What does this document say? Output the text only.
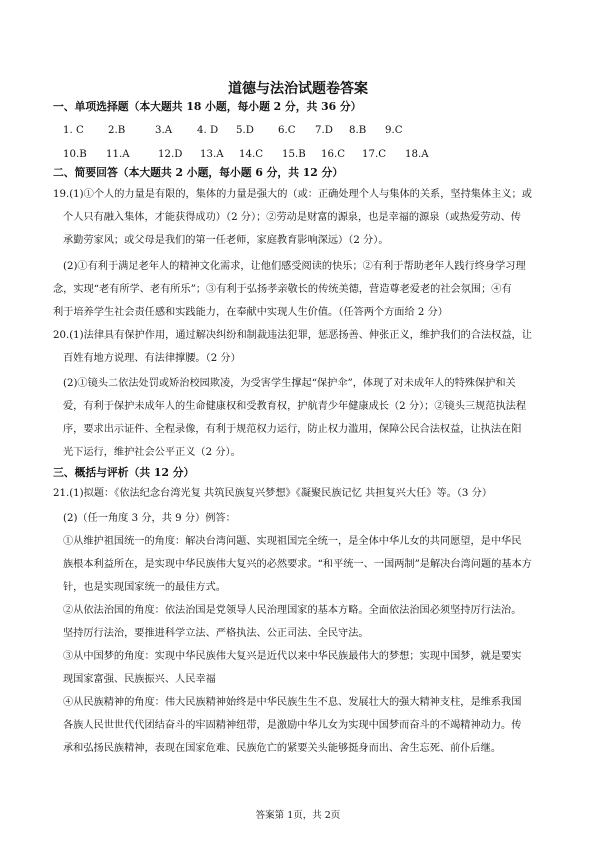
道德与法治试题卷答案
一、单项选择题（本大题共 18 小题，每小题 2 分，共 36 分）
1. C 2.B	3.A 4. D 5.D 6.C 7.D 8.B 9.C
10.B 11.A	12.D 13.A 14.C 15.B 16.C 17.C 18.A
二、简要回答（本大题共 2 小题，每小题 6 分，共 12 分）
19.(1)①个人的力量是有限的，集体的力量是强大的（或：正确处理个人与集体的关系，坚持集体主义；或
个人只有融入集体，才能获得成功）（2 分）；②劳动是财富的源泉，也是幸福的源泉（或热爱劳动、传
承勤劳家风；或父母是我们的第一任老师，家庭教育影响深远）（2 分）。
(2)①有利于满足老年人的精神文化需求，让他们感受阅读的快乐；②有利于帮助老年人践行终身学习理
念，实现“老有所学、老有所乐”；③有利于弘扬孝亲敬长的传统美德，营造尊老爱老的社会氛围；④有
利于培养学生社会责任感和实践能力，在奉献中实现人生价值。（任答两个方面给 2 分）
20.(1)法律具有保护作用，通过解决纠纷和制裁违法犯罪，惩恶扬善、伸张正义，维护我们的合法权益，让
百姓有地方说理、有法律撑腰。（2 分）
(2)①镜头二依法处罚或矫治校园欺凌，为受害学生撑起“保护伞”，体现了对未成年人的特殊保护和关
爱，有利于保护未成年人的生命健康权和受教育权，护航青少年健康成长（2 分）；②镜头三规范执法程
序，要求出示证件、全程录像，有利于规范权力运行，防止权力滥用，保障公民合法权益，让执法在阳
光下运行，维护社会公平正义（2 分）。
三、概括与评析（共 12 分）
21.(1)拟题：《依法纪念台湾光复 共筑民族复兴梦想》《凝聚民族记忆 共担复兴大任》等。（3 分）
(2)（任一角度 3 分，共 9 分）例答：
①从维护祖国统一的角度：解决台湾问题、实现祖国完全统一，是全体中华儿女的共同愿望，是中华民
族根本利益所在，是实现中华民族伟大复兴的必然要求。“和平统一、一国两制”是解决台湾问题的基本方
针，也是实现国家统一的最佳方式。
②从依法治国的角度：依法治国是党领导人民治理国家的基本方略。全面依法治国必须坚持厉行法治。
坚持厉行法治，要推进科学立法、严格执法、公正司法、全民守法。
③从中国梦的角度：实现中华民族伟大复兴是近代以来中华民族最伟大的梦想；实现中国梦，就是要实
现国家富强、民族振兴、人民幸福
④从民族精神的角度：伟大民族精神始终是中华民族生生不息、发展壮大的强大精神支柱，是维系我国
各族人民世世代代团结奋斗的牢固精神纽带，是激励中华儿女为实现中国梦而奋斗的不竭精神动力。传
承和弘扬民族精神，表现在国家危难、民族危亡的紧要关头能够挺身而出、舍生忘死、前仆后继。
答案第 1页，共 2页
